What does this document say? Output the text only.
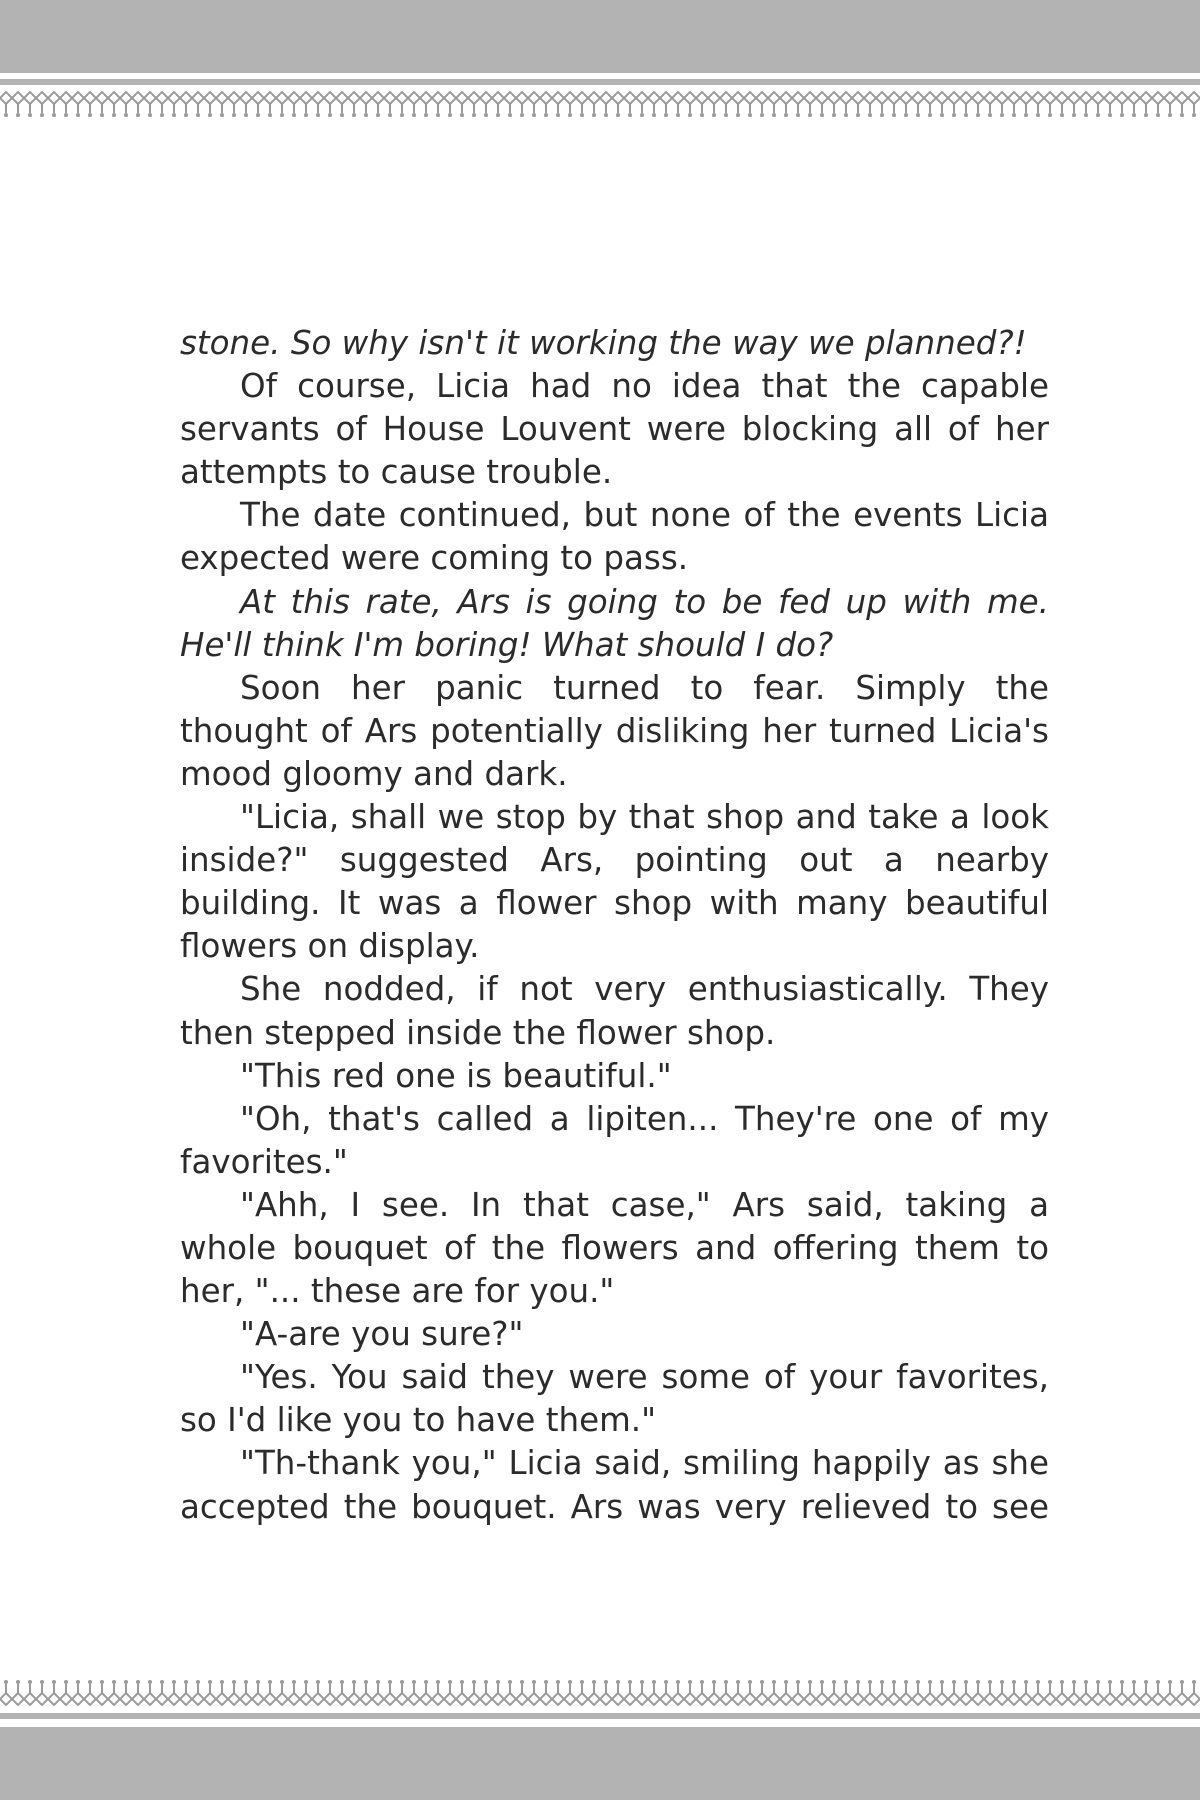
stone. So why isn't it working the way we planned?!

Of course, Licia had no idea that the capable servants of House Louvent were blocking all of her attempts to cause trouble.

The date continued, but none of the events Licia expected were coming to pass.

At this rate, Ars is going to be fed up with me. He'll think I'm boring! What should I do?

Soon her panic turned to fear. Simply the thought of Ars potentially disliking her turned Licia's mood gloomy and dark.

"Licia, shall we stop by that shop and take a look inside?" suggested Ars, pointing out a nearby building. It was a flower shop with many beautiful flowers on display.

She nodded, if not very enthusiastically. They then stepped inside the flower shop.

"This red one is beautiful."

"Oh, that's called a lipiten... They're one of my favorites."

"Ahh, I see. In that case," Ars said, taking a whole bouquet of the flowers and offering them to her, "... these are for you."

"A-are you sure?"

"Yes. You said they were some of your favorites, so I'd like you to have them."

"Th-thank you," Licia said, smiling happily as she accepted the bouquet. Ars was very relieved to see
